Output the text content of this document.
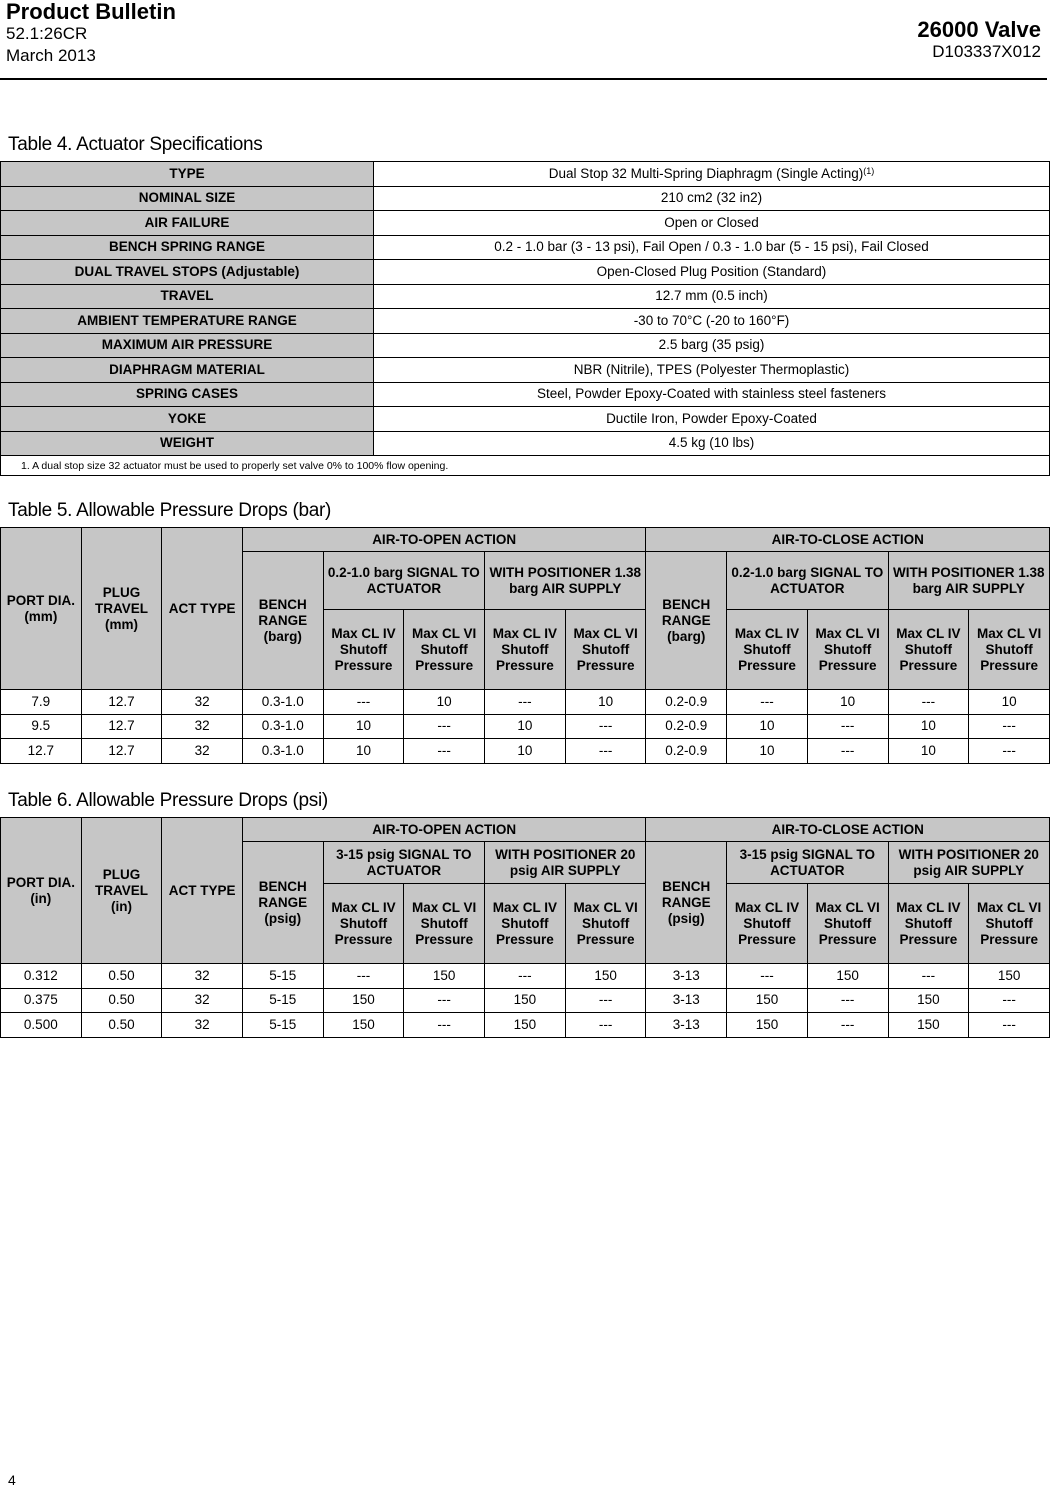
Product Bulletin
52.1:26CR
March 2013
26000 Valve
D103337X012
Table 4. Actuator Specifications
TYPE	Dual Stop 32 Multi-Spring Diaphragm (Single Acting)$^{(1)}$
NOMINAL SIZE	210 cm2 (32 in2)
AIR FAILURE	Open or Closed
BENCH SPRING RANGE	0.2 - 1.0 bar (3 - 13 psi), Fail Open / 0.3 - 1.0 bar (5 - 15 psi), Fail Closed
DUAL TRAVEL STOPS (Adjustable)	Open-Closed Plug Position (Standard)
TRAVEL	12.7 mm (0.5 inch)
AMBIENT TEMPERATURE RANGE	-30 to 70°C (-20 to 160°F)
MAXIMUM AIR PRESSURE	2.5 barg (35 psig)
DIAPHRAGM MATERIAL	NBR (Nitrile), TPES (Polyester Thermoplastic)
SPRING CASES	Steel, Powder Epoxy-Coated with stainless steel fasteners
YOKE	Ductile Iron, Powder Epoxy-Coated
WEIGHT	4.5 kg (10 lbs)
1. A dual stop size 32 actuator must be used to properly set valve 0% to 100% flow opening.	
Table 5. Allowable Pressure Drops (bar)
PORT DIA. (mm)	PLUG TRAVEL (mm)	ACT TYPE	AIR-TO-OPEN ACTION					AIR-TO-CLOSE ACTION				
			BENCH RANGE (barg)	0.2-1.0 barg SIGNAL TO ACTUATOR		WITH POSITIONER 1.38 barg AIR SUPPLY		BENCH RANGE (barg)	0.2-1.0 barg SIGNAL TO ACTUATOR		WITH POSITIONER 1.38 barg AIR SUPPLY	
				Max CL IV Shutoff Pressure	Max CL VI Shutoff Pressure	Max CL IV Shutoff Pressure	Max CL VI Shutoff Pressure		Max CL IV Shutoff Pressure	Max CL VI Shutoff Pressure	Max CL IV Shutoff Pressure	Max CL VI Shutoff Pressure
7.9	12.7	32	0.3-1.0	---	10	---	10	0.2-0.9	---	10	---	10
9.5	12.7	32	0.3-1.0	10	---	10	---	0.2-0.9	10	---	10	---
12.7	12.7	32	0.3-1.0	10	---	10	---	0.2-0.9	10	---	10	---
Table 6. Allowable Pressure Drops (psi)
PORT DIA. (in)	PLUG TRAVEL (in)	ACT TYPE	AIR-TO-OPEN ACTION					AIR-TO-CLOSE ACTION				
			BENCH RANGE (psig)	3-15 psig SIGNAL TO ACTUATOR		WITH POSITIONER 20 psig AIR SUPPLY		BENCH RANGE (psig)	3-15 psig SIGNAL TO ACTUATOR		WITH POSITIONER 20 psig AIR SUPPLY	
				Max CL IV Shutoff Pressure	Max CL VI Shutoff Pressure	Max CL IV Shutoff Pressure	Max CL VI Shutoff Pressure		Max CL IV Shutoff Pressure	Max CL VI Shutoff Pressure	Max CL IV Shutoff Pressure	Max CL VI Shutoff Pressure
0.312	0.50	32	5-15	---	150	---	150	3-13	---	150	---	150
0.375	0.50	32	5-15	150	---	150	---	3-13	150	---	150	---
0.500	0.50	32	5-15	150	---	150	---	3-13	150	---	150	---
4
